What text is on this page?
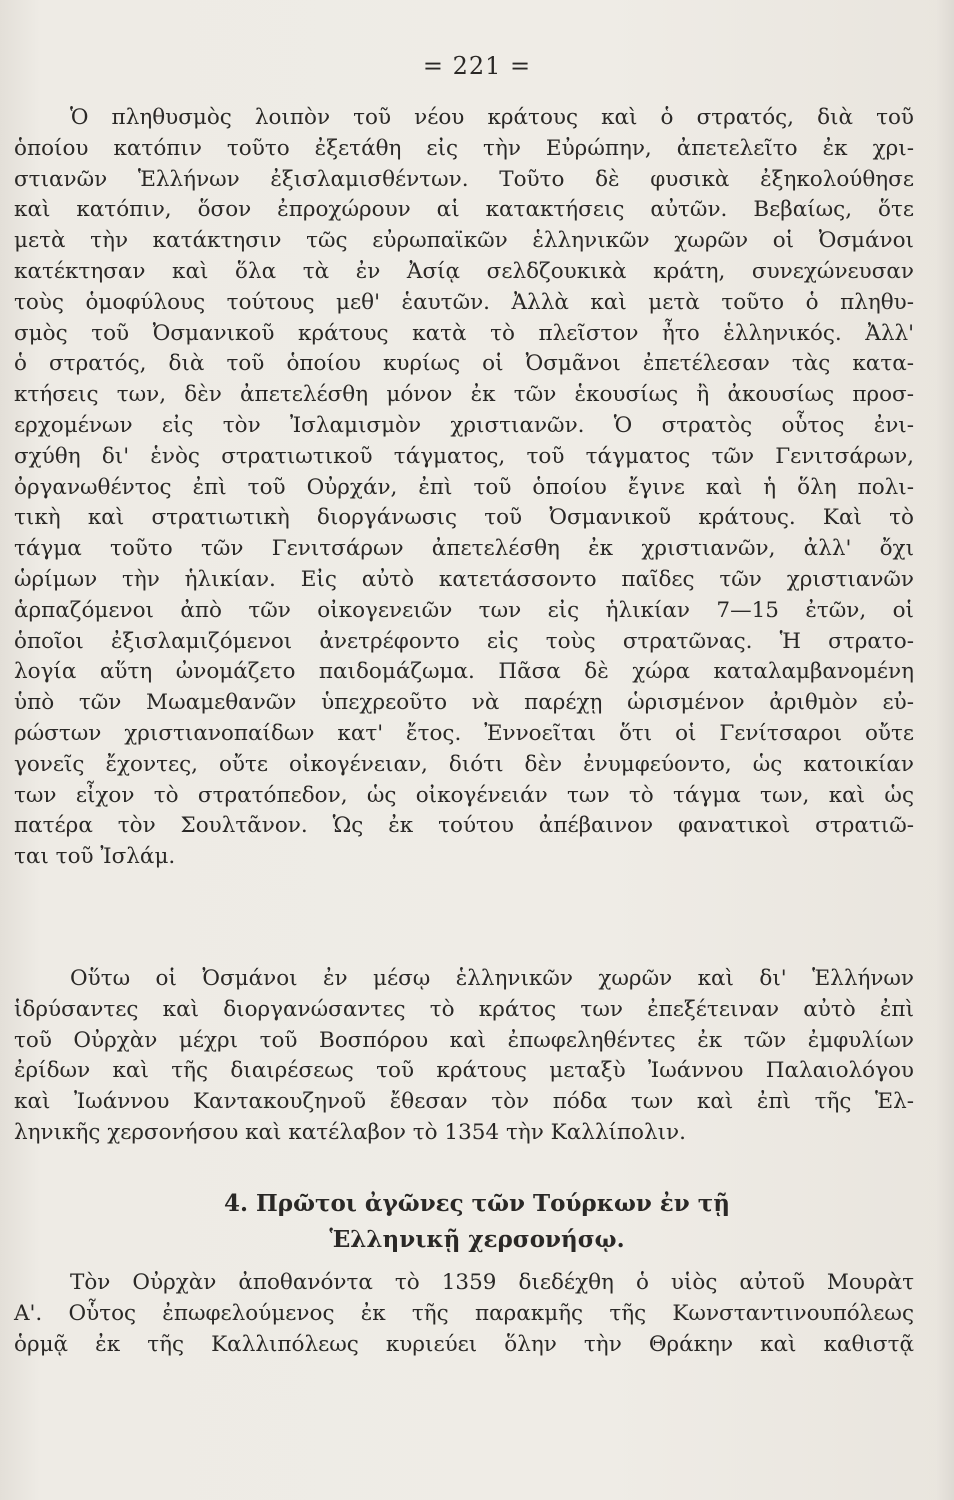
= 221 =
Ὁ πληθυσμὸς λοιπὸν τοῦ νέου κράτους καὶ ὁ στρατός, διὰ τοῦ
ὁποίου κατόπιν τοῦτο ἐξετάθη εἰς τὴν Εὐρώπην, ἀπετελεῖτο ἐκ χρι-
στιανῶν Ἑλλήνων ἐξισλαμισθέντων. Τοῦτο δὲ φυσικὰ ἐξηκολούθησε
καὶ κατόπιν, ὅσον ἐπροχώρουν αἱ κατακτήσεις αὐτῶν. Βεβαίως, ὅτε
μετὰ τὴν κατάκτησιν τῶς εὐρωπαϊκῶν ἑλληνικῶν χωρῶν οἱ Ὀσμάνοι
κατέκτησαν καὶ ὅλα τὰ ἐν Ἀσίᾳ σελδζουκικὰ κράτη, συνεχώνευσαν
τοὺς ὁμοφύλους τούτους μεθ' ἑαυτῶν. Ἀλλὰ καὶ μετὰ τοῦτο ὁ πληθυ-
σμὸς τοῦ Ὀσμανικοῦ κράτους κατὰ τὸ πλεῖστον ἦτο ἑλληνικός. Ἀλλ'
ὁ στρατός, διὰ τοῦ ὁποίου κυρίως οἱ Ὀσμᾶνοι ἐπετέλεσαν τὰς κατα-
κτήσεις των, δὲν ἀπετελέσθη μόνον ἐκ τῶν ἑκουσίως ἢ ἀκουσίως προσ-
ερχομένων εἰς τὸν Ἰσλαμισμὸν χριστιανῶν. Ὁ στρατὸς οὗτος ἐνι-
σχύθη δι' ἑνὸς στρατιωτικοῦ τάγματος, τοῦ τάγματος τῶν Γενιτσάρων,
ὀργανωθέντος ἐπὶ τοῦ Οὐρχάν, ἐπὶ τοῦ ὁποίου ἔγινε καὶ ἡ ὅλη πολι-
τικὴ καὶ στρατιωτικὴ διοργάνωσις τοῦ Ὀσμανικοῦ κράτους. Καὶ τὸ
τάγμα τοῦτο τῶν Γενιτσάρων ἀπετελέσθη ἐκ χριστιανῶν, ἀλλ' ὄχι
ὡρίμων τὴν ἡλικίαν. Εἰς αὐτὸ κατετάσσοντο παῖδες τῶν χριστιανῶν
ἁρπαζόμενοι ἀπὸ τῶν οἰκογενειῶν των εἰς ἡλικίαν 7—15 ἐτῶν, οἱ
ὁποῖοι ἐξισλαμιζόμενοι ἀνετρέφοντο εἰς τοὺς στρατῶνας. Ἡ στρατο-
λογία αὕτη ὠνομάζετο παιδομάζωμα. Πᾶσα δὲ χώρα καταλαμβανομένη
ὑπὸ τῶν Μωαμεθανῶν ὑπεχρεοῦτο νὰ παρέχῃ ὡρισμένον ἀριθμὸν εὐ-
ρώστων χριστιανοπαίδων κατ' ἔτος. Ἐννοεῖται ὅτι οἱ Γενίτσαροι οὔτε
γονεῖς ἔχοντες, οὔτε οἰκογένειαν, διότι δὲν ἐνυμφεύοντο, ὡς κατοικίαν
των εἶχον τὸ στρατόπεδον, ὡς οἰκογένειάν των τὸ τάγμα των, καὶ ὡς
πατέρα τὸν Σουλτᾶνον. Ὡς ἐκ τούτου ἀπέβαινον φανατικοὶ στρατιῶ-
ται τοῦ Ἰσλάμ.
Οὕτω οἱ Ὀσμάνοι ἐν μέσῳ ἑλληνικῶν χωρῶν καὶ δι' Ἑλλήνων
ἱδρύσαντες καὶ διοργανώσαντες τὸ κράτος των ἐπεξέτειναν αὐτὸ ἐπὶ
τοῦ Οὐρχὰν μέχρι τοῦ Βοσπόρου καὶ ἐπωφεληθέντες ἐκ τῶν ἐμφυλίων
ἐρίδων καὶ τῆς διαιρέσεως τοῦ κράτους μεταξὺ Ἰωάννου Παλαιολόγου
καὶ Ἰωάννου Καντακουζηνοῦ ἔθεσαν τὸν πόδα των καὶ ἐπὶ τῆς Ἑλ-
ληνικῆς χερσονήσου καὶ κατέλαβον τὸ 1354 τὴν Καλλίπολιν.
4. Πρῶτοι ἀγῶνες τῶν Τούρκων ἐν τῇ
Ἑλληνικῇ χερσονήσῳ.
Τὸν Οὐρχὰν ἀποθανόντα τὸ 1359 διεδέχθη ὁ υἱὸς αὐτοῦ Μουρὰτ
Α'. Οὗτος ἐπωφελούμενος ἐκ τῆς παρακμῆς τῆς Κωνσταντινουπόλεως
ὁρμᾷ ἐκ τῆς Καλλιπόλεως κυριεύει ὅλην τὴν Θράκην καὶ καθιστᾷ
